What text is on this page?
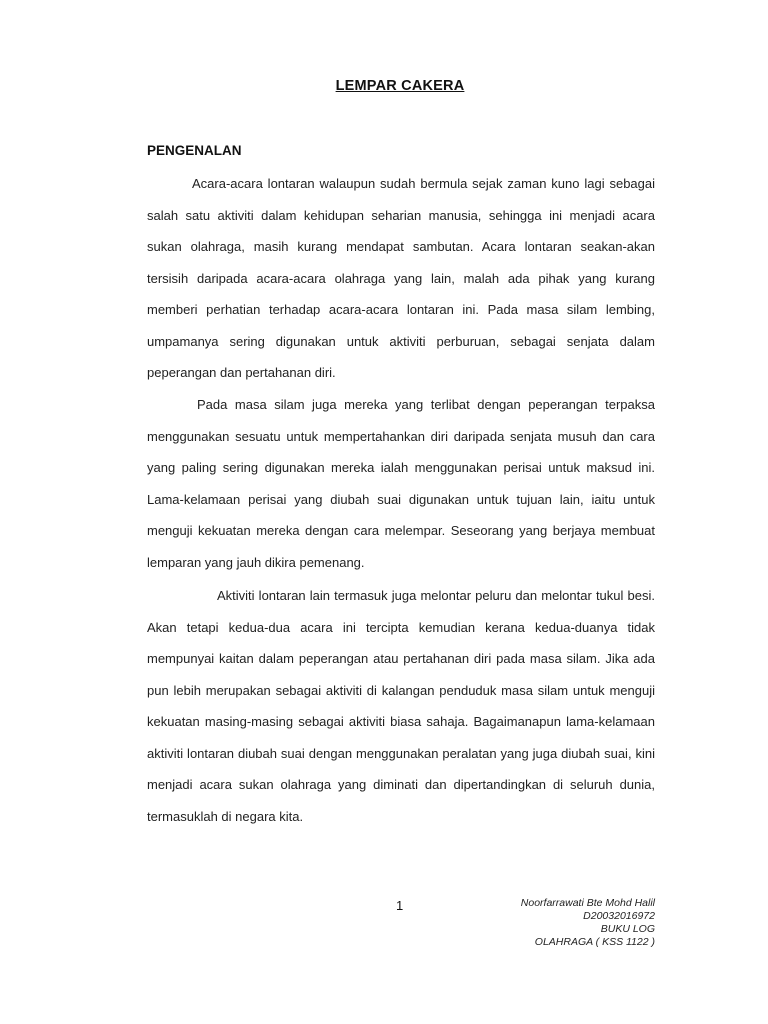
LEMPAR CAKERA
PENGENALAN

Acara-acara lontaran walaupun sudah bermula sejak zaman kuno lagi sebagai salah satu aktiviti dalam kehidupan seharian manusia, sehingga ini menjadi acara sukan olahraga, masih kurang mendapat sambutan. Acara lontaran seakan-akan tersisih daripada acara-acara olahraga yang lain, malah ada pihak yang kurang memberi perhatian terhadap acara-acara lontaran ini. Pada masa silam lembing, umpamanya sering digunakan untuk aktiviti perburuan, sebagai senjata dalam peperangan dan pertahanan diri.

Pada masa silam juga mereka yang terlibat dengan peperangan terpaksa menggunakan sesuatu untuk mempertahankan diri daripada senjata musuh dan cara yang paling sering digunakan mereka ialah menggunakan perisai untuk maksud ini. Lama-kelamaan perisai yang diubah suai digunakan untuk tujuan lain, iaitu untuk menguji kekuatan mereka dengan cara melempar. Seseorang yang berjaya membuat lemparan yang jauh dikira pemenang.

Aktiviti lontaran lain termasuk juga melontar peluru dan melontar tukul besi. Akan tetapi kedua-dua acara ini tercipta kemudian kerana kedua-duanya tidak mempunyai kaitan dalam peperangan atau pertahanan diri pada masa silam. Jika ada pun lebih merupakan sebagai aktiviti di kalangan penduduk masa silam untuk menguji kekuatan masing-masing sebagai aktiviti biasa sahaja. Bagaimanapun lama-kelamaan aktiviti lontaran diubah suai dengan menggunakan peralatan yang juga diubah suai, kini menjadi acara sukan olahraga yang diminati dan dipertandingkan di seluruh dunia, termasuklah di negara kita.

1	Noorfarrawati Bte Mohd Halil
D20032016972
BUKU LOG
OLAHRAGA ( KSS 1122 )
